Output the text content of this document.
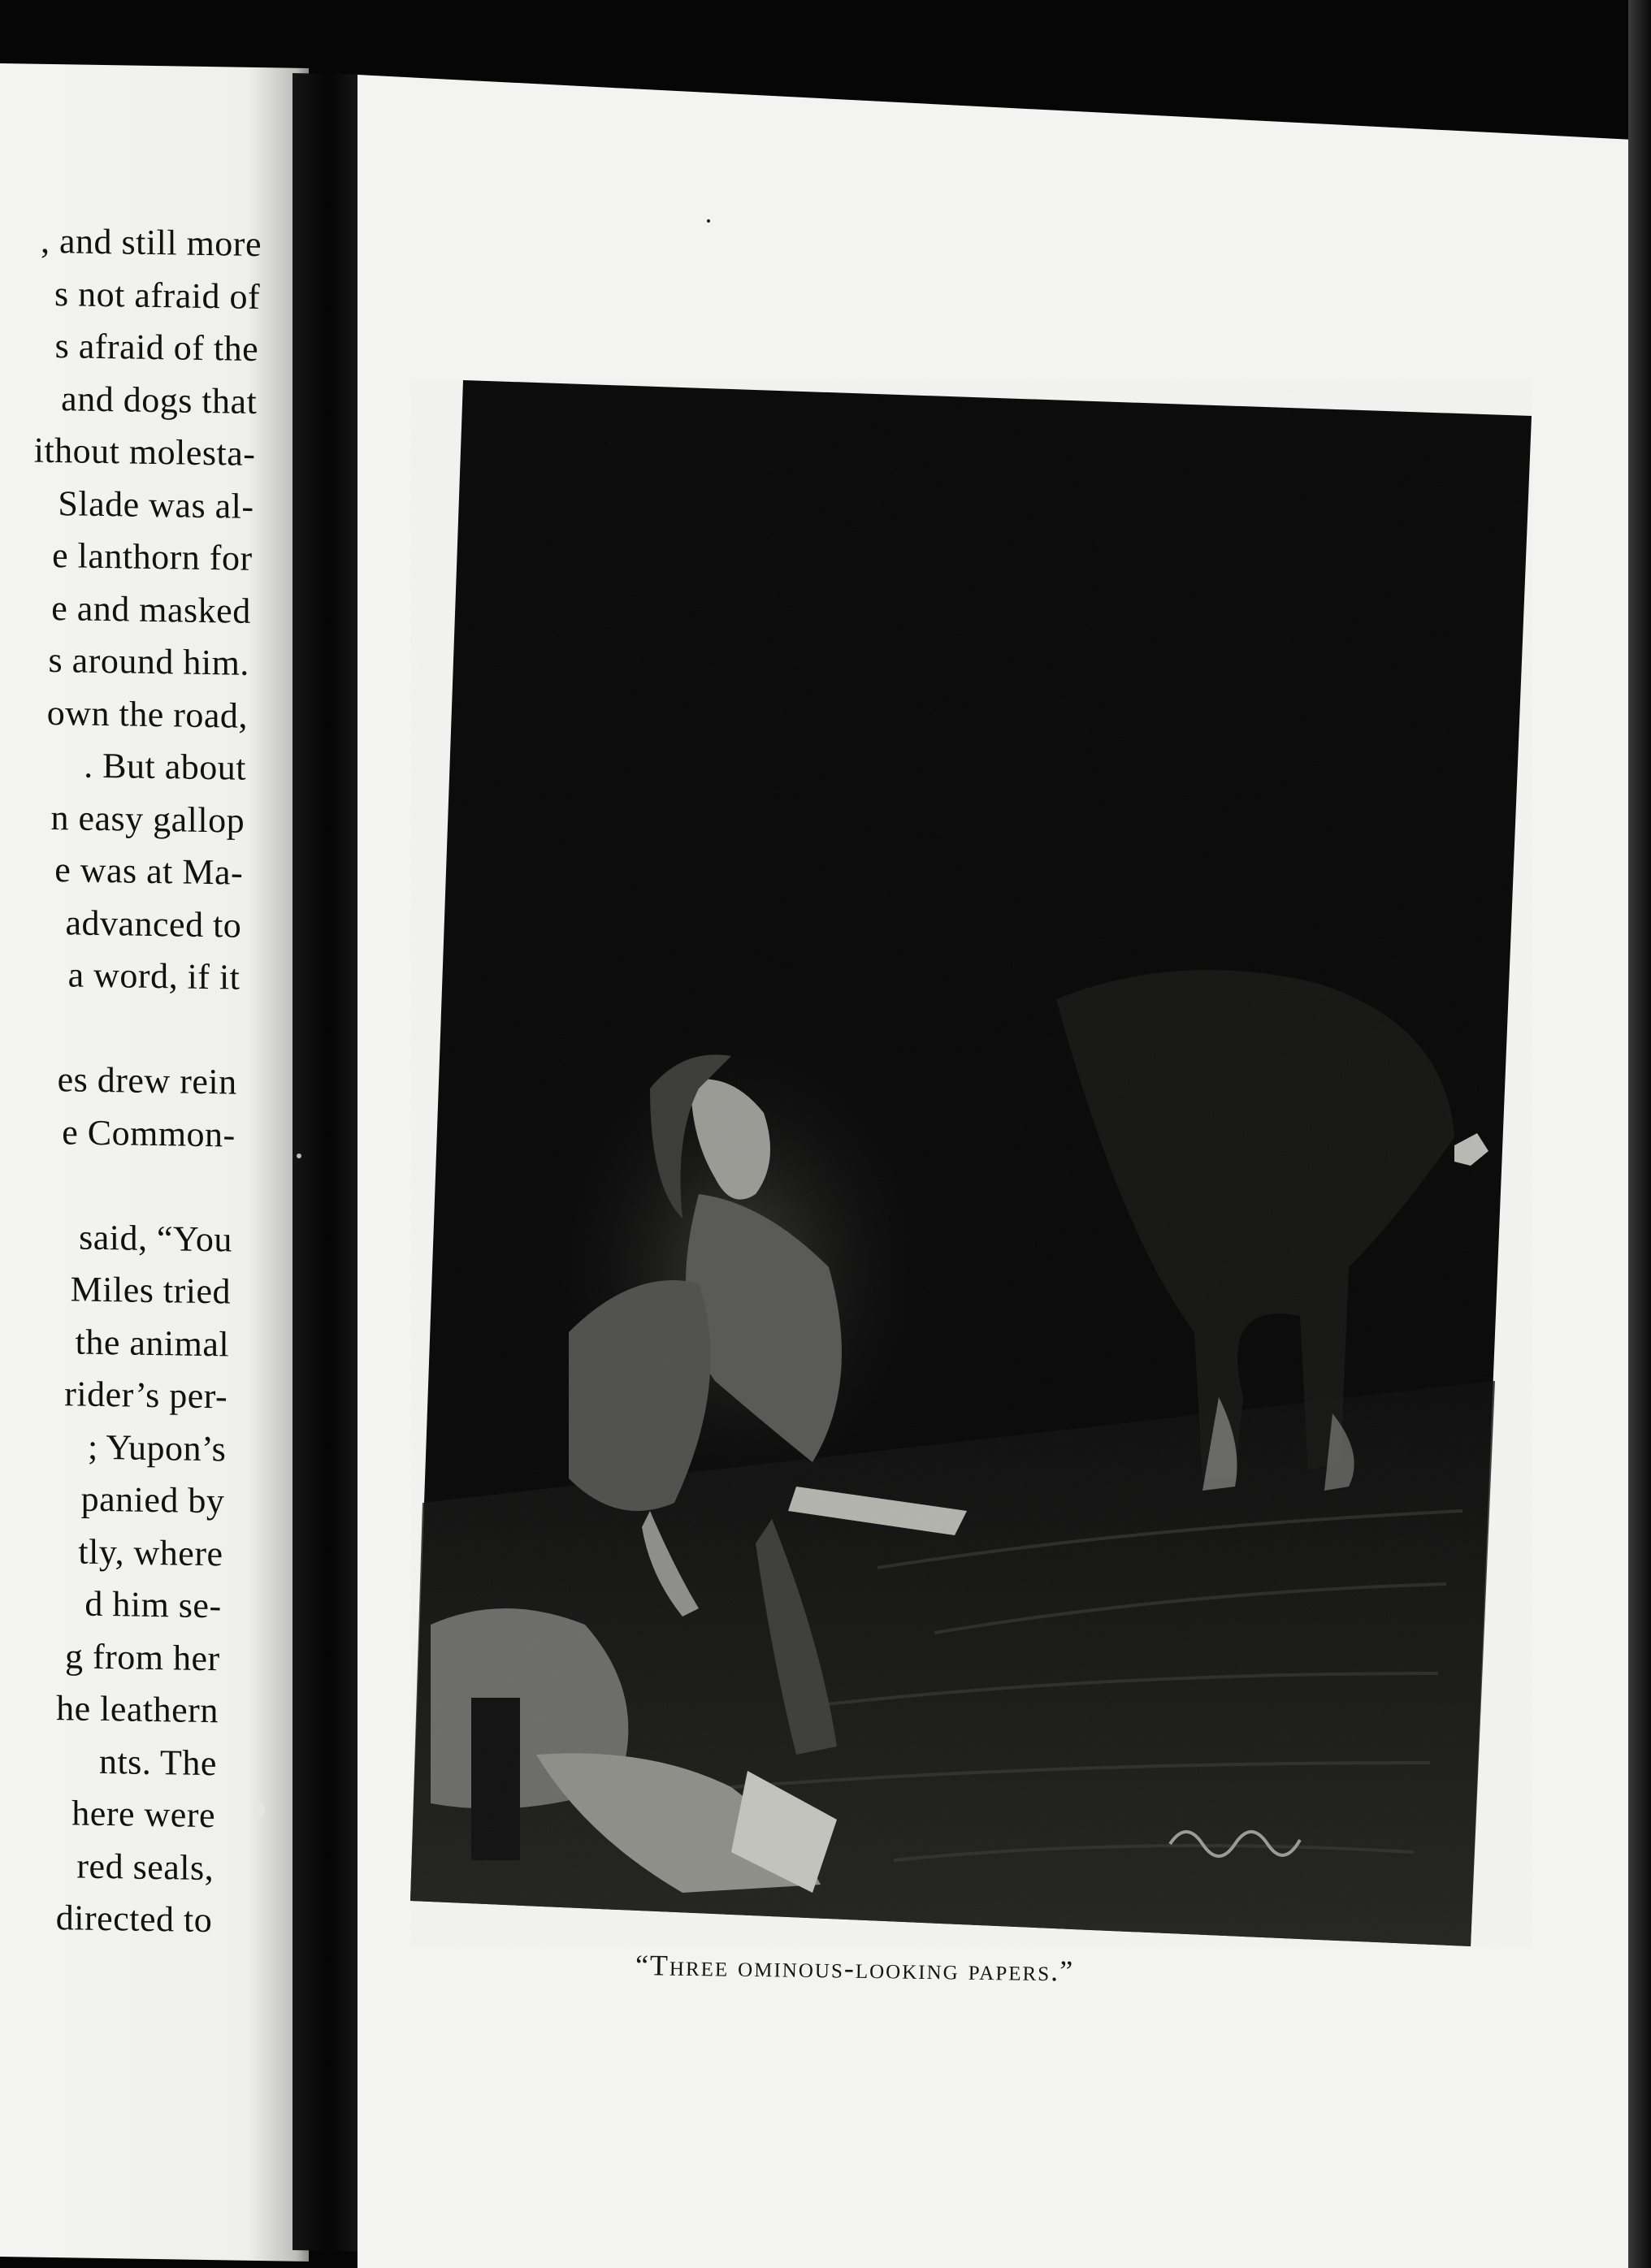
, and still more
s not afraid of
s afraid of the
and dogs that
ithout molesta-
Slade was al-
e lanthorn for
e and masked
s around him.
own the road,
. But about
n easy gallop
e was at Ma-
advanced to
a word, if it
es drew rein
e Common-
said, “You
Miles tried
the animal
rider’s per-
; Yupon’s
panied by
tly, where
d him se-
g from her
he leathern
nts. The
here were
red seals,
directed to
“Three ominous-looking papers.”
